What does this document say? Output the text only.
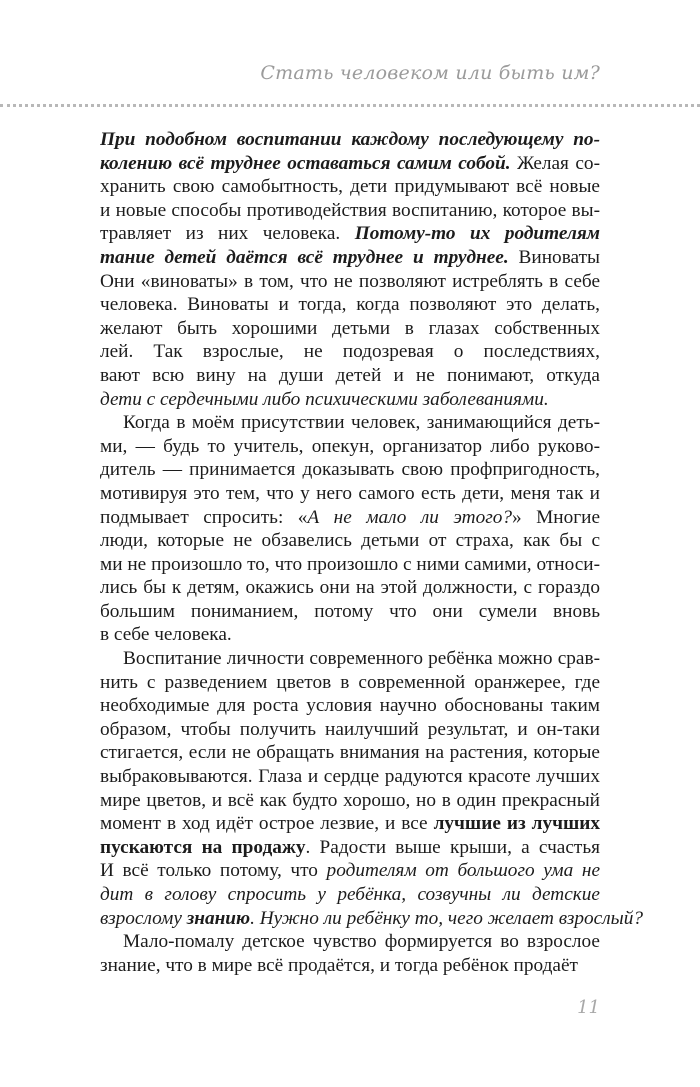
Стать человеком или быть им?
При подобном воспитании каждому последующему по-
колению всё труднее оставаться самим собой. Желая со-
хранить свою самобытность, дети придумывают всё новые
и новые способы противодействия воспитанию, которое вы-
травляет из них человека. Потому-то их родителям
тание детей даётся всё труднее и труднее. Виноваты
Они «виноваты» в том, что не позволяют истреблять в себе
человека. Виноваты и тогда, когда позволяют это делать,
желают быть хорошими детьми в глазах собственных
лей. Так взрослые, не подозревая о последствиях,
вают всю вину на души детей и не понимают, откуда
дети с сердечными либо психическими заболеваниями.
Когда в моём присутствии человек, занимающийся деть-
ми, — будь то учитель, опекун, организатор либо руково-
дитель — принимается доказывать свою профпригодность,
мотивируя это тем, что у него самого есть дети, меня так и
подмывает спросить: «А не мало ли этого?» Многие
люди, которые не обзавелись детьми от страха, как бы с
ми не произошло то, что произошло с ними самими, относи-
лись бы к детям, окажись они на этой должности, с гораздо
большим пониманием, потому что они сумели вновь
в себе человека.
Воспитание личности современного ребёнка можно срав-
нить с разведением цветов в современной оранжерее, где
необходимые для роста условия научно обоснованы таким
образом, чтобы получить наилучший результат, и он-таки
стигается, если не обращать внимания на растения, которые
выбраковываются. Глаза и сердце радуются красоте лучших
мире цветов, и всё как будто хорошо, но в один прекрасный
момент в ход идёт острое лезвие, и все лучшие из лучших
пускаются на продажу. Радости выше крыши, а счастья
И всё только потому, что родителям от большого ума не
дит в голову спросить у ребёнка, созвучны ли детские
взрослому знанию. Нужно ли ребёнку то, чего желает взрослый?
Мало-помалу детское чувство формируется во взрослое
знание, что в мире всё продаётся, и тогда ребёнок продаёт
11
